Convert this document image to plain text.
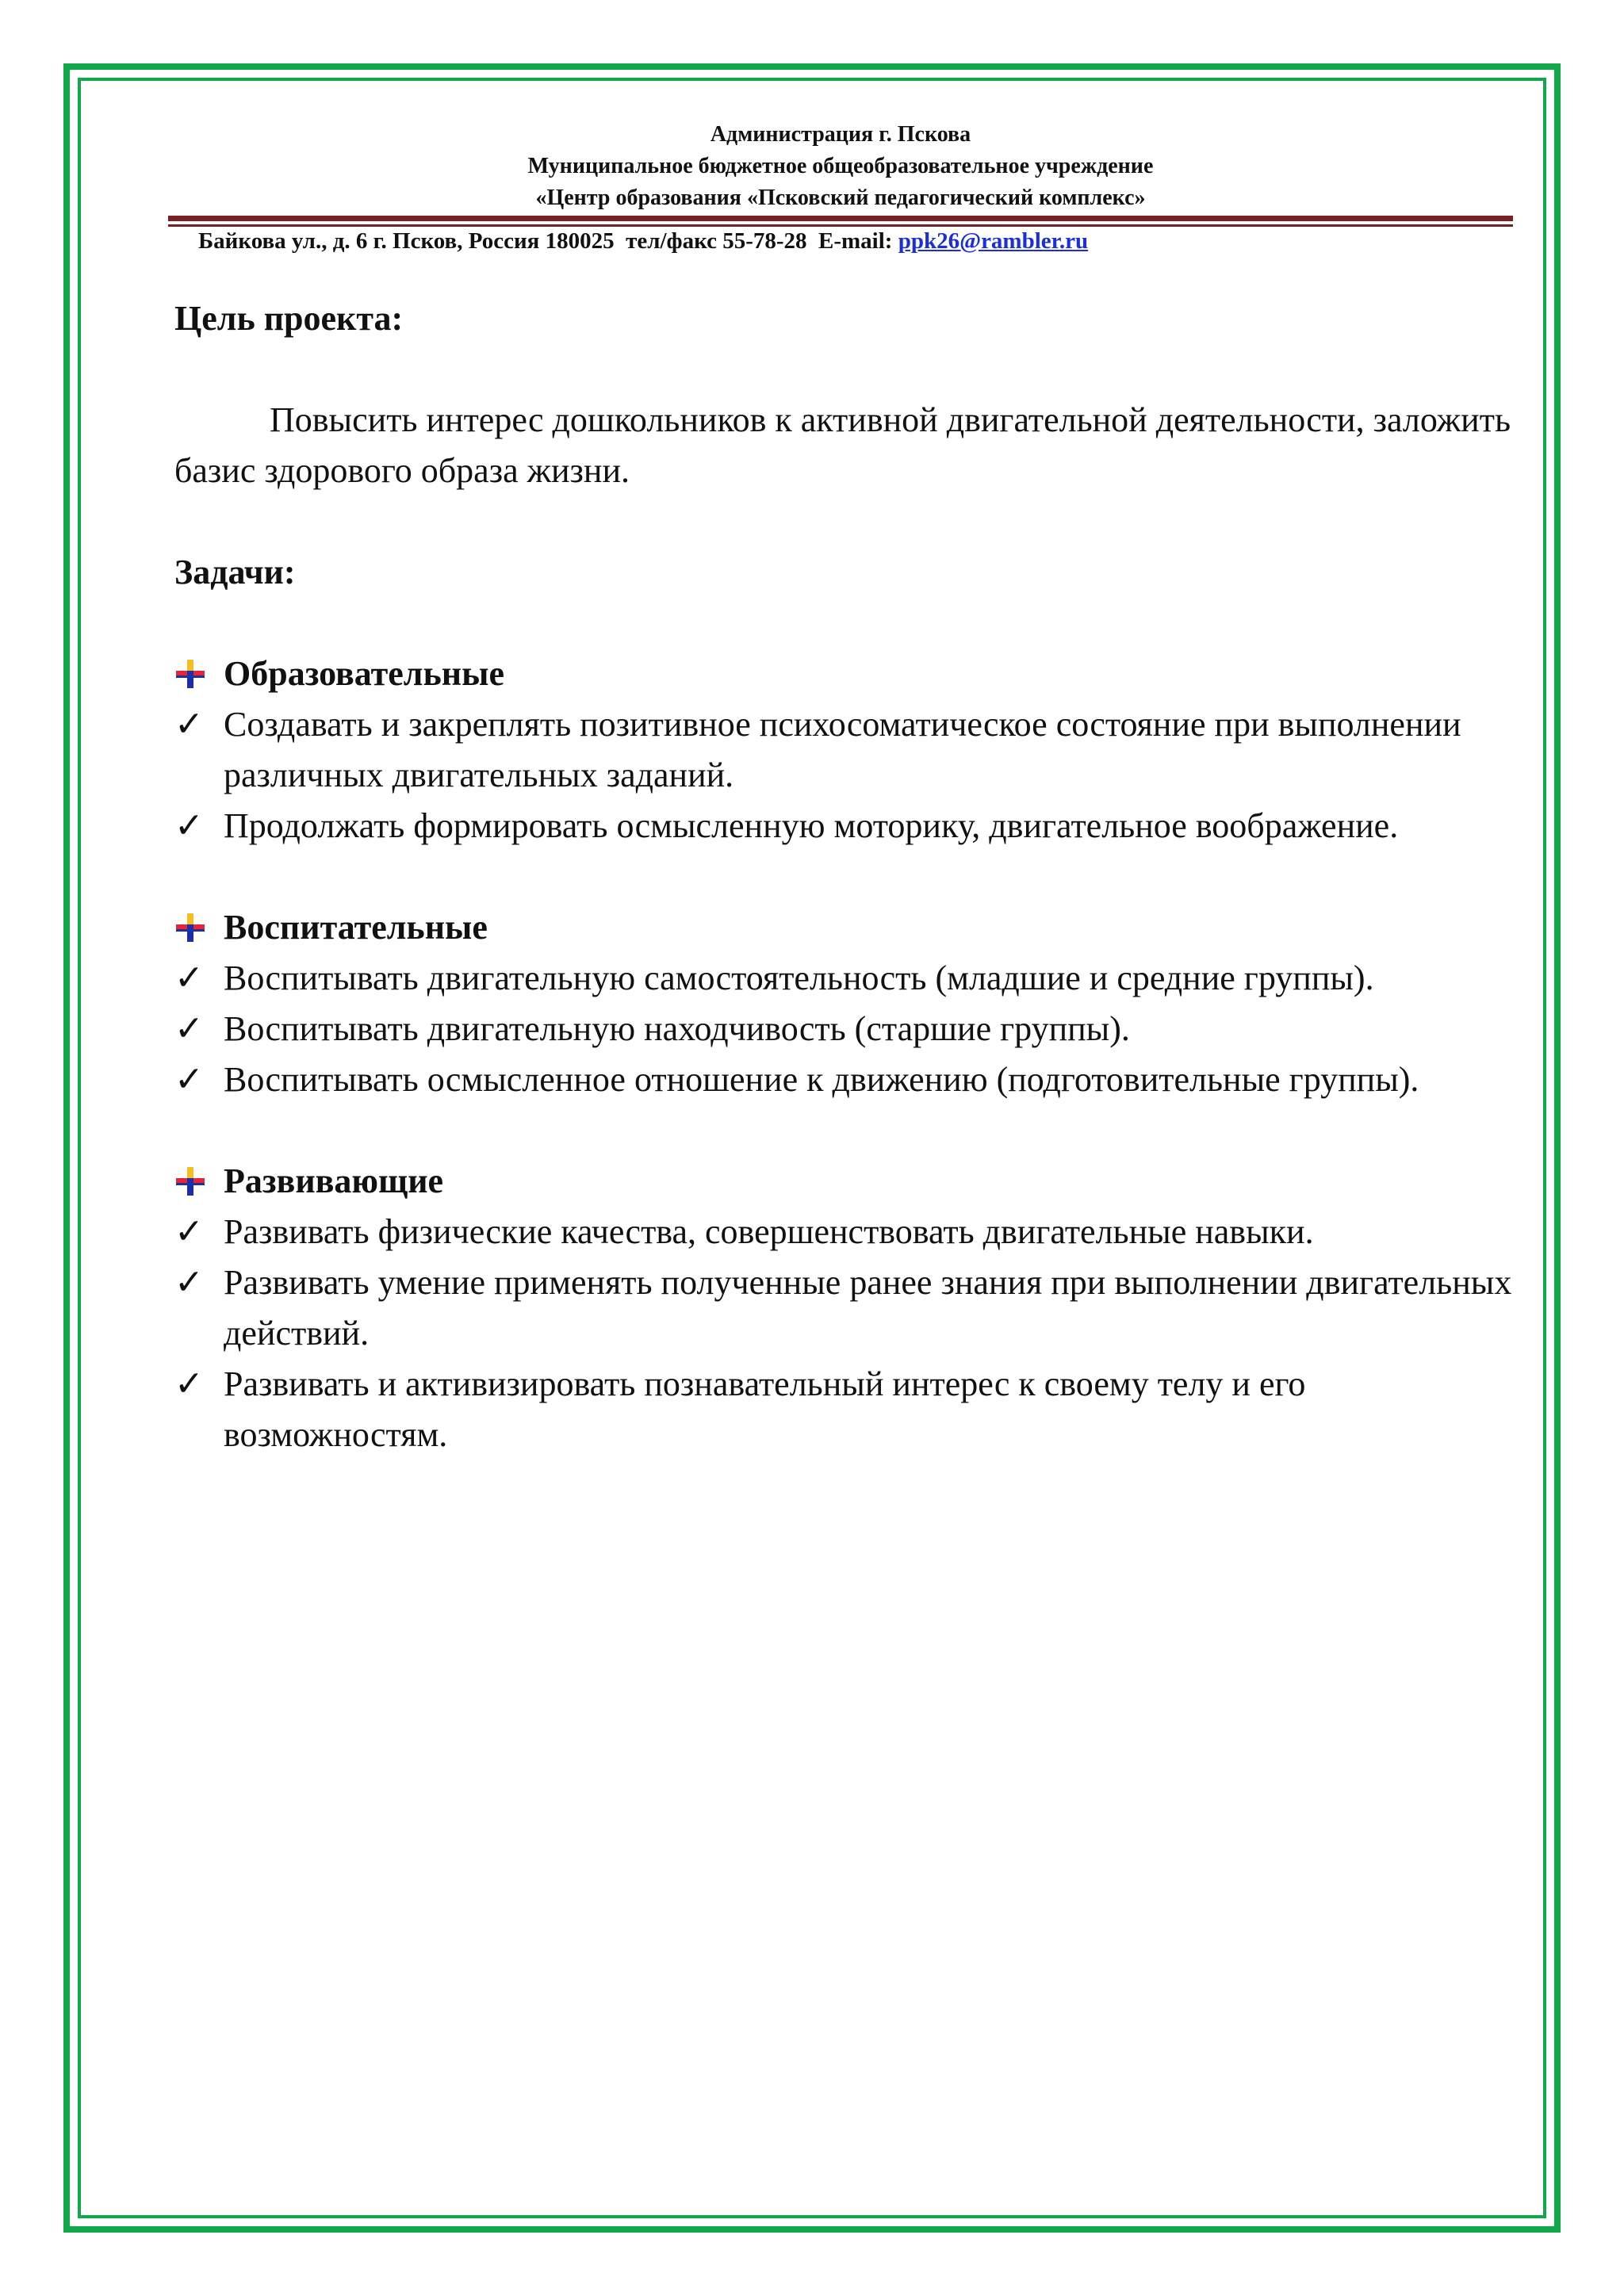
Администрация г. Пскова
Муниципальное бюджетное общеобразовательное учреждение
«Центр образования «Псковский педагогический комплекс»
Байкова ул., д. 6 г. Псков, Россия 180025  тел/факс 55-78-28  E-mail: ppk26@rambler.ru
Цель проекта:
Повысить интерес дошкольников к активной двигательной деятельности, заложить базис здорового образа жизни.
Задачи:
Образовательные
✓ Создавать и закреплять позитивное психосоматическое состояние при выполнении различных двигательных заданий.
✓ Продолжать формировать осмысленную моторику, двигательное воображение.
Воспитательные
✓ Воспитывать двигательную самостоятельность (младшие и средние группы).
✓ Воспитывать двигательную находчивость (старшие группы).
✓ Воспитывать осмысленное отношение к движению (подготовительные группы).
Развивающие
✓ Развивать физические качества, совершенствовать двигательные навыки.
✓ Развивать умение применять полученные ранее знания при выполнении двигательных действий.
✓ Развивать и активизировать познавательный интерес к своему телу и его возможностям.
